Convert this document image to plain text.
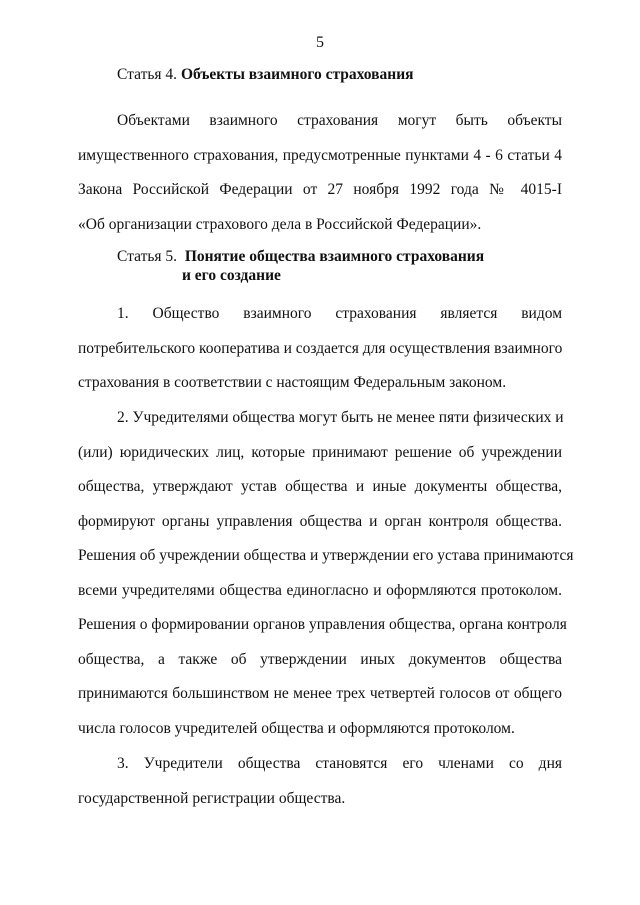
5
Статья 4. Объекты взаимного страхования
Объектами взаимного страхования могут быть объекты
имущественного страхования, предусмотренные пунктами 4 - 6 статьи 4
Закона Российской Федерации от 27 ноября 1992 года № 4015-I
«Об организации страхового дела в Российской Федерации».
Статья 5. Понятие общества взаимного страхования
и его создание
1. Общество взаимного страхования является видом
потребительского кооператива и создается для осуществления взаимного
страхования в соответствии с настоящим Федеральным законом.
2. Учредителями общества могут быть не менее пяти физических и
(или) юридических лиц, которые принимают решение об учреждении
общества, утверждают устав общества и иные документы общества,
формируют органы управления общества и орган контроля общества.
Решения об учреждении общества и утверждении его устава принимаются
всеми учредителями общества единогласно и оформляются протоколом.
Решения о формировании органов управления общества, органа контроля
общества, а также об утверждении иных документов общества
принимаются большинством не менее трех четвертей голосов от общего
числа голосов учредителей общества и оформляются протоколом.
3. Учредители общества становятся его членами со дня
государственной регистрации общества.
